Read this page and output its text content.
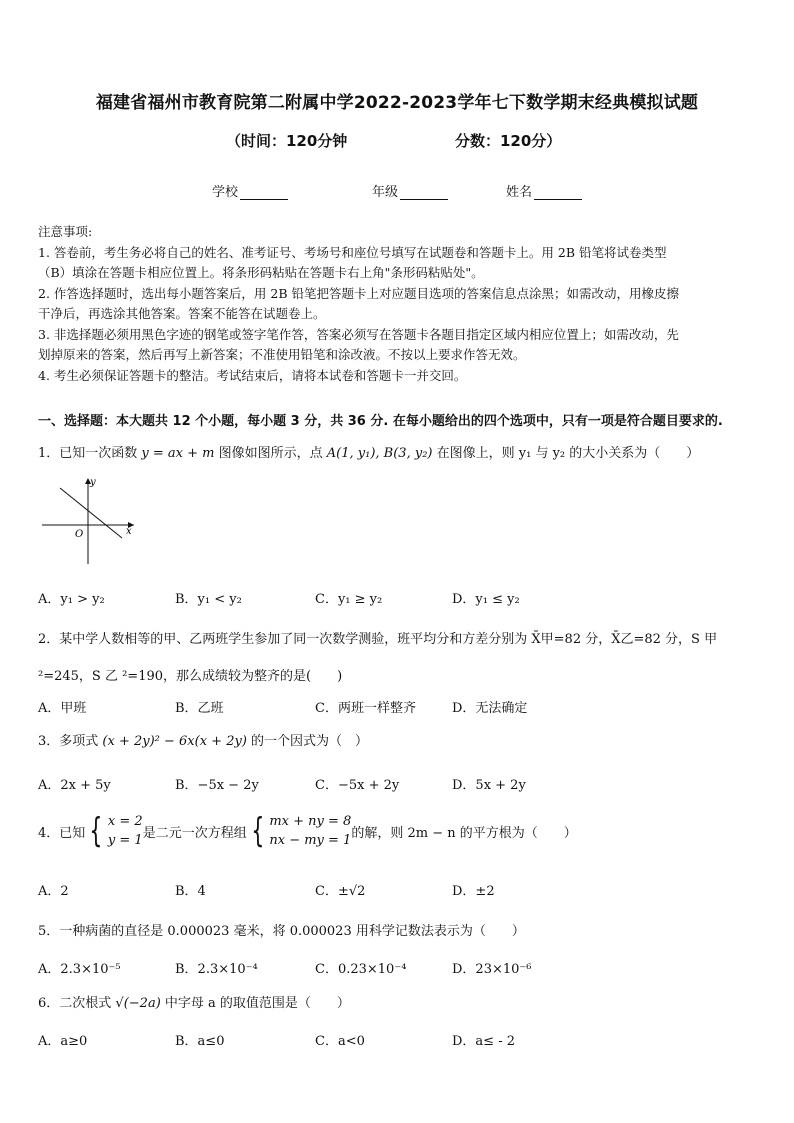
福建省福州市教育院第二附属中学2022-2023学年七下数学期末经典模拟试题
（时间：120分钟	分数：120分）
学校	年级	姓名

注意事项:

1. 答卷前，考生务必将自己的姓名、准考证号、考场号和座位号填写在试题卷和答题卡上。用 2B 铅笔将试卷类型

（B）填涂在答题卡相应位置上。将条形码粘贴在答题卡右上角"条形码粘贴处"。

2. 作答选择题时，选出每小题答案后，用 2B 铅笔把答题卡上对应题目选项的答案信息点涂黑；如需改动，用橡皮擦

干净后，再选涂其他答案。答案不能答在试题卷上。

3. 非选择题必须用黑色字迹的钢笔或签字笔作答，答案必须写在答题卡各题目指定区域内相应位置上；如需改动，先

划掉原来的答案，然后再写上新答案；不准使用铅笔和涂改液。不按以上要求作答无效。

4. 考生必须保证答题卡的整洁。考试结束后，请将本试卷和答题卡一并交回。

一、选择题：本大题共 12 个小题，每小题 3 分，共 36 分. 在每小题给出的四个选项中，只有一项是符合题目要求的.
1．已知一次函数 y = ax + m 图像如图所示，点 A(1, y₁), B(3, y₂) 在图像上，则 y₁ 与 y₂ 的大小关系为（　　）
y
x
O
A．y₁ > y₂	B．y₁ < y₂	C．y₁ ≥ y₂	D．y₁ ≤ y₂
2．某中学人数相等的甲、乙两班学生参加了同一次数学测验，班平均分和方差分别为 X̄甲=82 分，X̄乙=82 分，S 甲
²=245，S 乙 ²=190，那么成绩较为整齐的是(　　)
A．甲班	B．乙班	C．两班一样整齐	D．无法确定
3．多项式 (x + 2y)² − 6x(x + 2y) 的一个因式为（　）
A．2x + 5y	B．−5x − 2y	C．−5x + 2y	D．5x + 2y
4．已知 { x = 2
y = 1 是二元一次方程组 { mx + ny = 8
nx − my = 1 的解，则 2m − n 的平方根为（　　）
A．2	B．4	C．±√2	D．±2
5．一种病菌的直径是 0.000023 毫米，将 0.000023 用科学记数法表示为（　　）
A．2.3×10⁻⁵	B．2.3×10⁻⁴	C．0.23×10⁻⁴	D．23×10⁻⁶
6．二次根式 √(−2a) 中字母 a 的取值范围是（　　）
A．a≥0	B．a≤0	C．a<0	D．a≤ - 2
